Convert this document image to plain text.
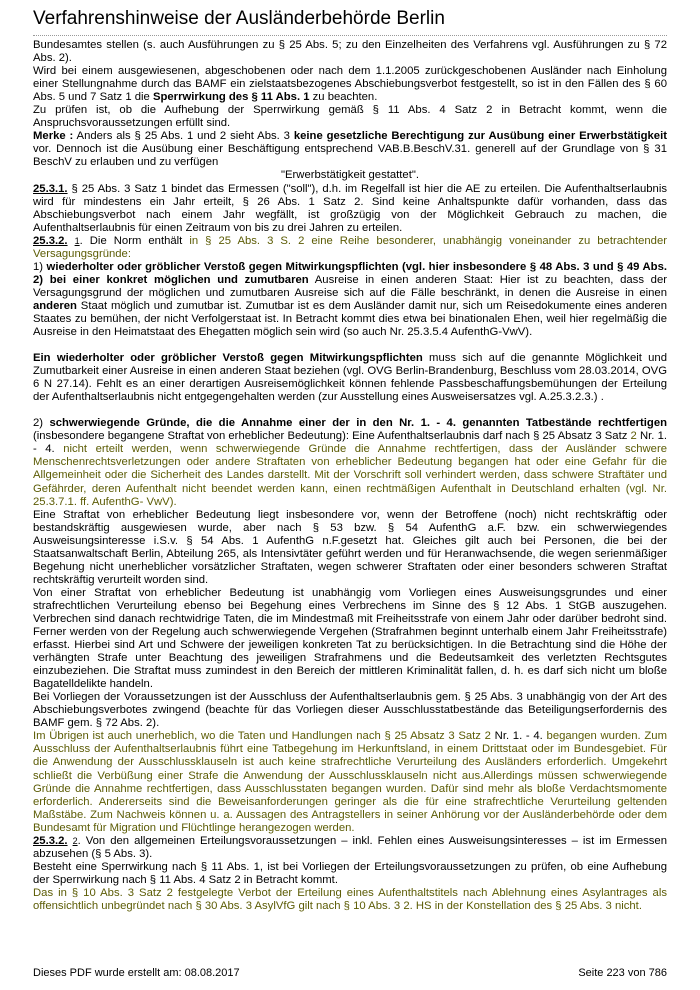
Verfahrenshinweise der Ausländerbehörde Berlin

Bundesamtes stellen (s. auch Ausführungen zu § 25 Abs. 5; zu den Einzelheiten des Verfahrens vgl. Ausführungen zu § 72 Abs. 2).

Wird bei einem ausgewiesenen, abgeschobenen oder nach dem 1.1.2005 zurückgeschobenen Ausländer nach Einholung einer Stellungnahme durch das BAMF ein zielstaatsbezogenes Abschiebungsverbot festgestellt, so ist in den Fällen des § 60 Abs. 5 und 7 Satz 1 die Sperrwirkung des § 11 Abs. 1 zu beachten.

Zu prüfen ist, ob die Aufhebung der Sperrwirkung gemäß § 11 Abs. 4 Satz 2 in Betracht kommt, wenn die Anspruchsvoraussetzungen erfüllt sind.

Merke : Anders als § 25 Abs. 1 und 2 sieht Abs. 3 keine gesetzliche Berechtigung zur Ausübung einer Erwerbstätigkeit vor. Dennoch ist die Ausübung einer Beschäftigung entsprechend VAB.B.BeschV.31. generell auf der Grundlage von § 31 BeschV zu erlauben und zu verfügen

"Erwerbstätigkeit gestattet".

25.3.1. § 25 Abs. 3 Satz 1 bindet das Ermessen ("soll"), d.h. im Regelfall ist hier die AE zu erteilen. Die Aufenthaltserlaubnis wird für mindestens ein Jahr erteilt, § 26 Abs. 1 Satz 2. Sind keine Anhaltspunkte dafür vorhanden, dass das Abschiebungsverbot nach einem Jahr wegfällt, ist großzügig von der Möglichkeit Gebrauch zu machen, die Aufenthaltserlaubnis für einen Zeitraum von bis zu drei Jahren zu erteilen.

25.3.2. 1. Die Norm enthält in § 25 Abs. 3 S. 2 eine Reihe besonderer, unabhängig voneinander zu betrachtender Versagungsgründe:

1) wiederholter oder gröblicher Verstoß gegen Mitwirkungspflichten (vgl. hier insbesondere § 48 Abs. 3 und § 49 Abs. 2) bei einer konkret möglichen und zumutbaren Ausreise in einen anderen Staat: Hier ist zu beachten, dass der Versagungsgrund der möglichen und zumutbaren Ausreise sich auf die Fälle beschränkt, in denen die Ausreise in einen anderen Staat möglich und zumutbar ist. Zumutbar ist es dem Ausländer damit nur, sich um Reisedokumente eines anderen Staates zu bemühen, der nicht Verfolgerstaat ist. In Betracht kommt dies etwa bei binationalen Ehen, weil hier regelmäßig die Ausreise in den Heimatstaat des Ehegatten möglich sein wird (so auch Nr. 25.3.5.4 AufenthG-VwV).

Ein wiederholter oder gröblicher Verstoß gegen Mitwirkungspflichten muss sich auf die genannte Möglichkeit und Zumutbarkeit einer Ausreise in einen anderen Staat beziehen (vgl. OVG Berlin-Brandenburg, Beschluss vom 28.03.2014, OVG 6 N 27.14). Fehlt es an einer derartigen Ausreisemöglichkeit können fehlende Passbeschaffungsbemühungen der Erteilung der Aufenthaltserlaubnis nicht entgegengehalten werden (zur Ausstellung eines Ausweisersatzes vgl. A.25.3.2.3.) .

2) schwerwiegende Gründe, die die Annahme einer der in den Nr. 1. - 4. genannten Tatbestände rechtfertigen (insbesondere begangene Straftat von erheblicher Bedeutung): Eine Aufenthaltserlaubnis darf nach § 25 Absatz 3 Satz 2 Nr. 1. - 4. nicht erteilt werden, wenn schwerwiegende Gründe die Annahme rechtfertigen, dass der Ausländer schwere Menschenrechtsverletzungen oder andere Straftaten von erheblicher Bedeutung begangen hat oder eine Gefahr für die Allgemeinheit oder die Sicherheit des Landes darstellt. Mit der Vorschrift soll verhindert werden, dass schwere Straftäter und Gefährder, deren Aufenthalt nicht beendet werden kann, einen rechtmäßigen Aufenthalt in Deutschland erhalten (vgl. Nr. 25.3.7.1. ff. AufenthG- VwV).

Eine Straftat von erheblicher Bedeutung liegt insbesondere vor, wenn der Betroffene (noch) nicht rechtskräftig oder bestandskräftig ausgewiesen wurde, aber nach § 53 bzw. § 54 AufenthG a.F. bzw. ein schwerwiegendes Ausweisungsinteresse i.S.v. § 54 Abs. 1 AufenthG n.F.gesetzt hat. Gleiches gilt auch bei Personen, die bei der Staatsanwaltschaft Berlin, Abteilung 265, als Intensivtäter geführt werden und für Heranwachsende, die wegen serienmäßiger Begehung nicht unerheblicher vorsätzlicher Straftaten, wegen schwerer Straftaten oder einer besonders schweren Straftat rechtskräftig verurteilt worden sind.

Von einer Straftat von erheblicher Bedeutung ist unabhängig vom Vorliegen eines Ausweisungsgrundes und einer strafrechtlichen Verurteilung ebenso bei Begehung eines Verbrechens im Sinne des § 12 Abs. 1 StGB auszugehen. Verbrechen sind danach rechtwidrige Taten, die im Mindestmaß mit Freiheitsstrafe von einem Jahr oder darüber bedroht sind. Ferner werden von der Regelung auch schwerwiegende Vergehen (Strafrahmen beginnt unterhalb einem Jahr Freiheitsstrafe) erfasst. Hierbei sind Art und Schwere der jeweiligen konkreten Tat zu berücksichtigen. In die Betrachtung sind die Höhe der verhängten Strafe unter Beachtung des jeweiligen Strafrahmens und die Bedeutsamkeit des verletzten Rechtsgutes einzubeziehen. Die Straftat muss zumindest in den Bereich der mittleren Kriminalität fallen, d. h. es darf sich nicht um bloße Bagatelldelikte handeln.

Bei Vorliegen der Voraussetzungen ist der Ausschluss der Aufenthaltserlaubnis gem. § 25 Abs. 3 unabhängig von der Art des Abschiebungsverbotes zwingend (beachte für das Vorliegen dieser Ausschlusstatbestände das Beteiligungserfordernis des BAMF gem. § 72 Abs. 2).

Im Übrigen ist auch unerheblich, wo die Taten und Handlungen nach § 25 Absatz 3 Satz 2 Nr. 1. - 4. begangen wurden. Zum Ausschluss der Aufenthaltserlaubnis führt eine Tatbegehung im Herkunftsland, in einem Drittstaat oder im Bundesgebiet. Für die Anwendung der Ausschlussklauseln ist auch keine strafrechtliche Verurteilung des Ausländers erforderlich. Umgekehrt schließt die Verbüßung einer Strafe die Anwendung der Ausschlussklauseln nicht aus.Allerdings müssen schwerwiegende Gründe die Annahme rechtfertigen, dass Ausschlusstaten begangen wurden. Dafür sind mehr als bloße Verdachtsmomente erforderlich. Andererseits sind die Beweisanforderungen geringer als die für eine strafrechtliche Verurteilung geltenden Maßstäbe. Zum Nachweis können u. a. Aussagen des Antragstellers in seiner Anhörung vor der Ausländerbehörde oder dem Bundesamt für Migration und Flüchtlinge herangezogen werden.

25.3.2. 2. Von den allgemeinen Erteilungsvoraussetzungen – inkl. Fehlen eines Ausweisungsinteresses – ist im Ermessen abzusehen (§ 5 Abs. 3).

Besteht eine Sperrwirkung nach § 11 Abs. 1, ist bei Vorliegen der Erteilungsvoraussetzungen zu prüfen, ob eine Aufhebung der Sperrwirkung nach § 11 Abs. 4 Satz 2 in Betracht kommt.

Das in § 10 Abs. 3 Satz 2 festgelegte Verbot der Erteilung eines Aufenthaltstitels nach Ablehnung eines Asylantrages als offensichtlich unbegründet nach § 30 Abs. 3 AsylVfG gilt nach § 10 Abs. 3 2. HS in der Konstellation des § 25 Abs. 3 nicht.

Dieses PDF wurde erstellt am: 08.08.2017	Seite 223 von 786
